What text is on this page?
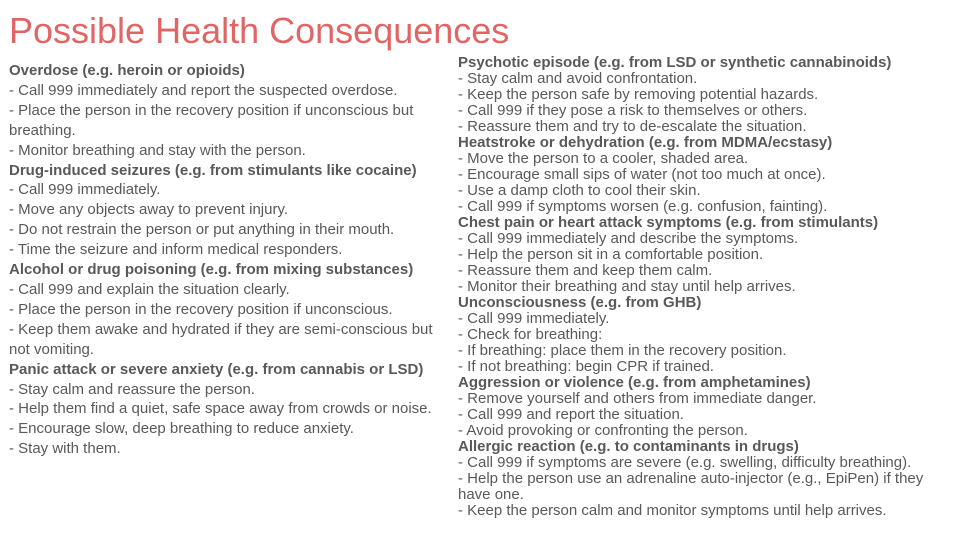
Possible Health Consequences
Overdose (e.g. heroin or opioids)
- Call 999 immediately and report the suspected overdose.
- Place the person in the recovery position if unconscious but breathing.
- Monitor breathing and stay with the person.
Drug-induced seizures (e.g. from stimulants like cocaine)
- Call 999 immediately.
- Move any objects away to prevent injury.
- Do not restrain the person or put anything in their mouth.
- Time the seizure and inform medical responders.
Alcohol or drug poisoning (e.g. from mixing substances)
- Call 999 and explain the situation clearly.
- Place the person in the recovery position if unconscious.
- Keep them awake and hydrated if they are semi-conscious but not vomiting.
Panic attack or severe anxiety (e.g. from cannabis or LSD)
- Stay calm and reassure the person.
- Help them find a quiet, safe space away from crowds or noise.
- Encourage slow, deep breathing to reduce anxiety.
- Stay with them.
Psychotic episode (e.g. from LSD or synthetic cannabinoids)
- Stay calm and avoid confrontation.
- Keep the person safe by removing potential hazards.
- Call 999 if they pose a risk to themselves or others.
- Reassure them and try to de-escalate the situation.
Heatstroke or dehydration (e.g. from MDMA/ecstasy)
- Move the person to a cooler, shaded area.
- Encourage small sips of water (not too much at once).
- Use a damp cloth to cool their skin.
- Call 999 if symptoms worsen (e.g. confusion, fainting).
Chest pain or heart attack symptoms (e.g. from stimulants)
- Call 999 immediately and describe the symptoms.
- Help the person sit in a comfortable position.
- Reassure them and keep them calm.
- Monitor their breathing and stay until help arrives.
Unconsciousness (e.g. from GHB)
- Call 999 immediately.
- Check for breathing:
- If breathing: place them in the recovery position.
- If not breathing: begin CPR if trained.
Aggression or violence (e.g. from amphetamines)
- Remove yourself and others from immediate danger.
- Call 999 and report the situation.
- Avoid provoking or confronting the person.
Allergic reaction (e.g. to contaminants in drugs)
- Call 999 if symptoms are severe (e.g. swelling, difficulty breathing).
- Help the person use an adrenaline auto-injector (e.g., EpiPen) if they have one.
- Keep the person calm and monitor symptoms until help arrives.
